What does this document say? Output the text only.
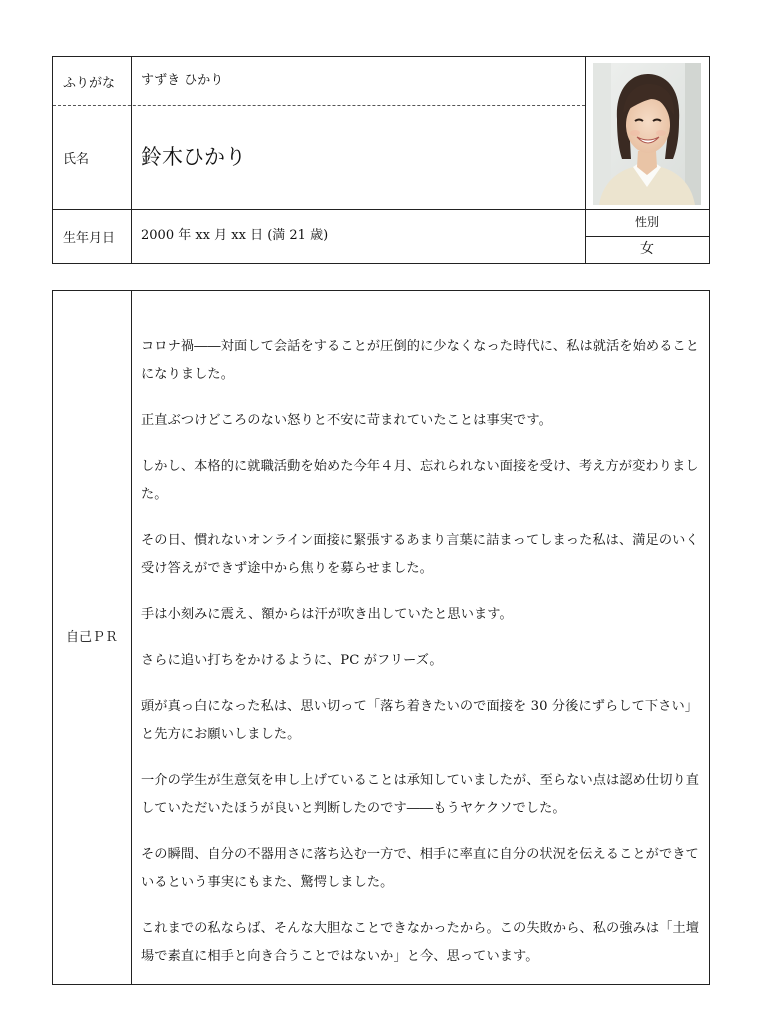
ふりがな	すずき ひかり
氏名	鈴木ひかり
生年月日	2000 年 xx 月 xx 日 (満 21 歳)
性別
女
自己ＰＲ

コロナ禍――対面して会話をすることが圧倒的に少なくなった時代に、私は就活を始めることになりました。

正直ぶつけどころのない怒りと不安に苛まれていたことは事実です。

しかし、本格的に就職活動を始めた今年４月、忘れられない面接を受け、考え方が変わりました。

その日、慣れないオンライン面接に緊張するあまり言葉に詰まってしまった私は、満足のいく受け答えができず途中から焦りを募らせました。

手は小刻みに震え、額からは汗が吹き出していたと思います。

さらに追い打ちをかけるように、PC がフリーズ。

頭が真っ白になった私は、思い切って「落ち着きたいので面接を 30 分後にずらして下さい」と先方にお願いしました。

一介の学生が生意気を申し上げていることは承知していましたが、至らない点は認め仕切り直していただいたほうが良いと判断したのです――もうヤケクソでした。

その瞬間、自分の不器用さに落ち込む一方で、相手に率直に自分の状況を伝えることができているという事実にもまた、驚愕しました。

これまでの私ならば、そんな大胆なことできなかったから。この失敗から、私の強みは「土壇場で素直に相手と向き合うことではないか」と今、思っています。
